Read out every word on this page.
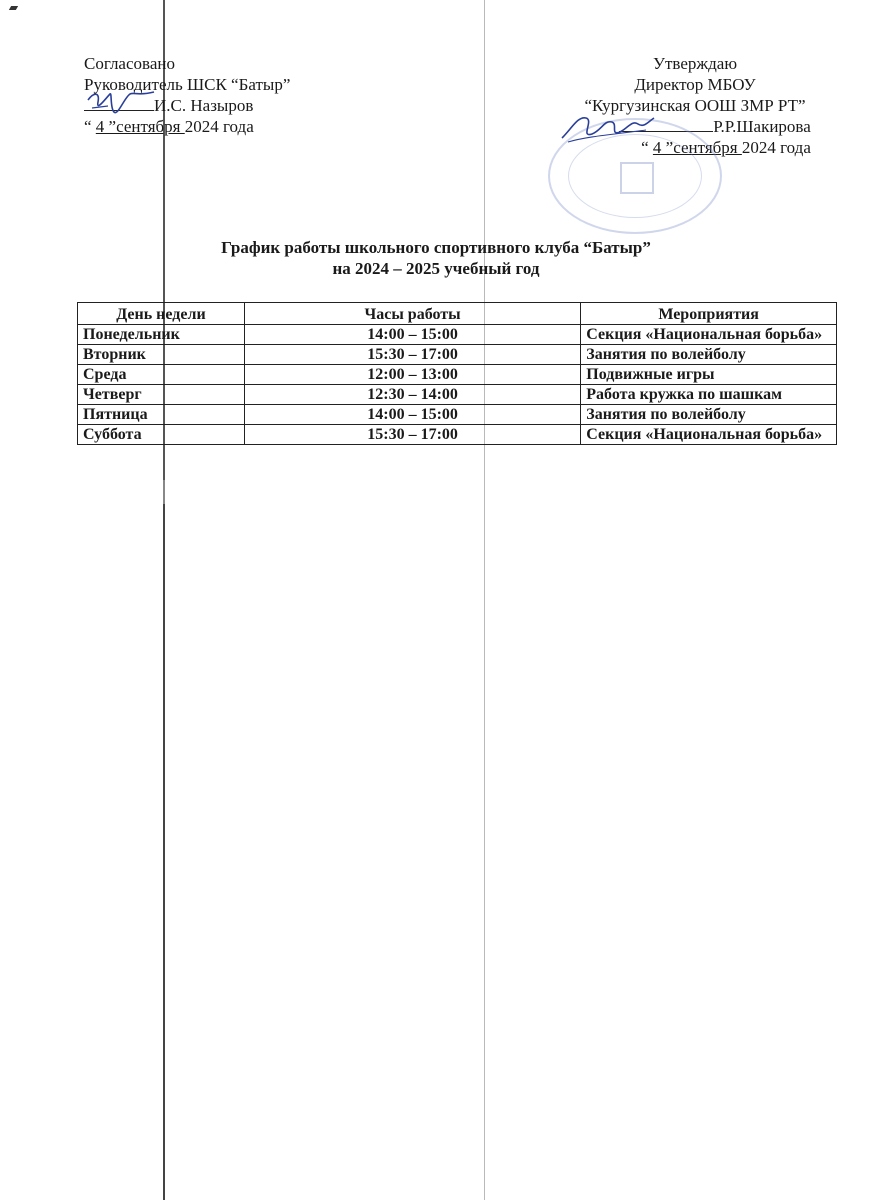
Согласовано
Руководитель ШСК “Батыр”
И.С. Назыров
“ 4 ”сентября 2024 года
Утверждаю
Директор МБОУ
“Кургузинская ООШ ЗМР РТ”
Р.Р.Шакирова
“ 4 ”сентября 2024 года
График работы школьного спортивного клуба “Батыр”
на 2024 – 2025 учебный год
День недели	Часы работы	Мероприятия
Понедельник	14:00 – 15:00	Секция «Национальная борьба»
Вторник	15:30 – 17:00	Занятия по волейболу
Среда	12:00 – 13:00	Подвижные игры
Четверг	12:30 – 14:00	Работа кружка по шашкам
Пятница	14:00 – 15:00	Занятия по волейболу
Суббота	15:30 – 17:00	Секция «Национальная борьба»
